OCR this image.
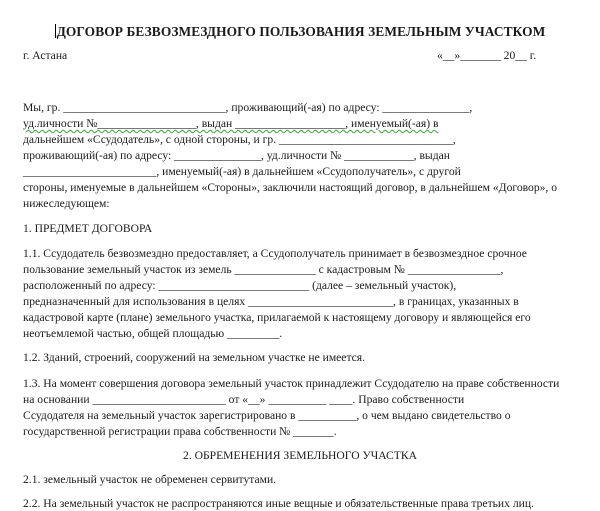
ДОГОВОР БЕЗВОЗМЕЗДНОГО ПОЛЬЗОВАНИЯ ЗЕМЕЛЬНЫМ УЧАСТКОМ
г. Астана	«__»_______ 20__ г.
Мы, гр. ____________________________, проживающий(-ая) по адресу: _______________,
уд.личности №_________________, выдан ___________________, именуемый(-ая) в
дальнейшем «Ссудодатель», с одной стороны, и гр. ______________________________,
проживающий(-ая) по адресу: _______________, уд.личности № ____________, выдан
_______________________, именуемый(-ая) в дальнейшем «Ссудополучатель», с другой
стороны, именуемые в дальнейшем «Стороны», заключили настоящий договор, в дальнейшем «Договор», о
нижеследующем:
1. ПРЕДМЕТ ДОГОВОРА
1.1. Ссудодатель безвозмездно предоставляет, а Ссудополучатель принимает в безвозмездное срочное
пользование земельный участок из земель ______________ с кадастровым № ________________,
расположенный по адресу: __________________________ (далее – земельный участок),
предназначенный для использования в целях _________________________, в границах, указанных в
кадастровой карте (плане) земельного участка, прилагаемой к настоящему договору и являющейся его
неотъемлемой частью, общей площадью _________.
1.2. Зданий, строений, сооружений на земельном участке не имеется.
1.3. На момент совершения договора земельный участок принадлежит Ссудодателю на праве собственности
на основании _______________________ от «__» __________ ____. Право собственности
Ссудодателя на земельный участок зарегистрировано в __________, о чем выдано свидетельство о
государственной регистрации права собственности № _______.
2. ОБРЕМЕНЕНИЯ ЗЕМЕЛЬНОГО УЧАСТКА
2.1. земельный участок не обременен сервитутами.
2.2. На земельный участок не распространяются иные вещные и обязательственные права третьих лиц.
